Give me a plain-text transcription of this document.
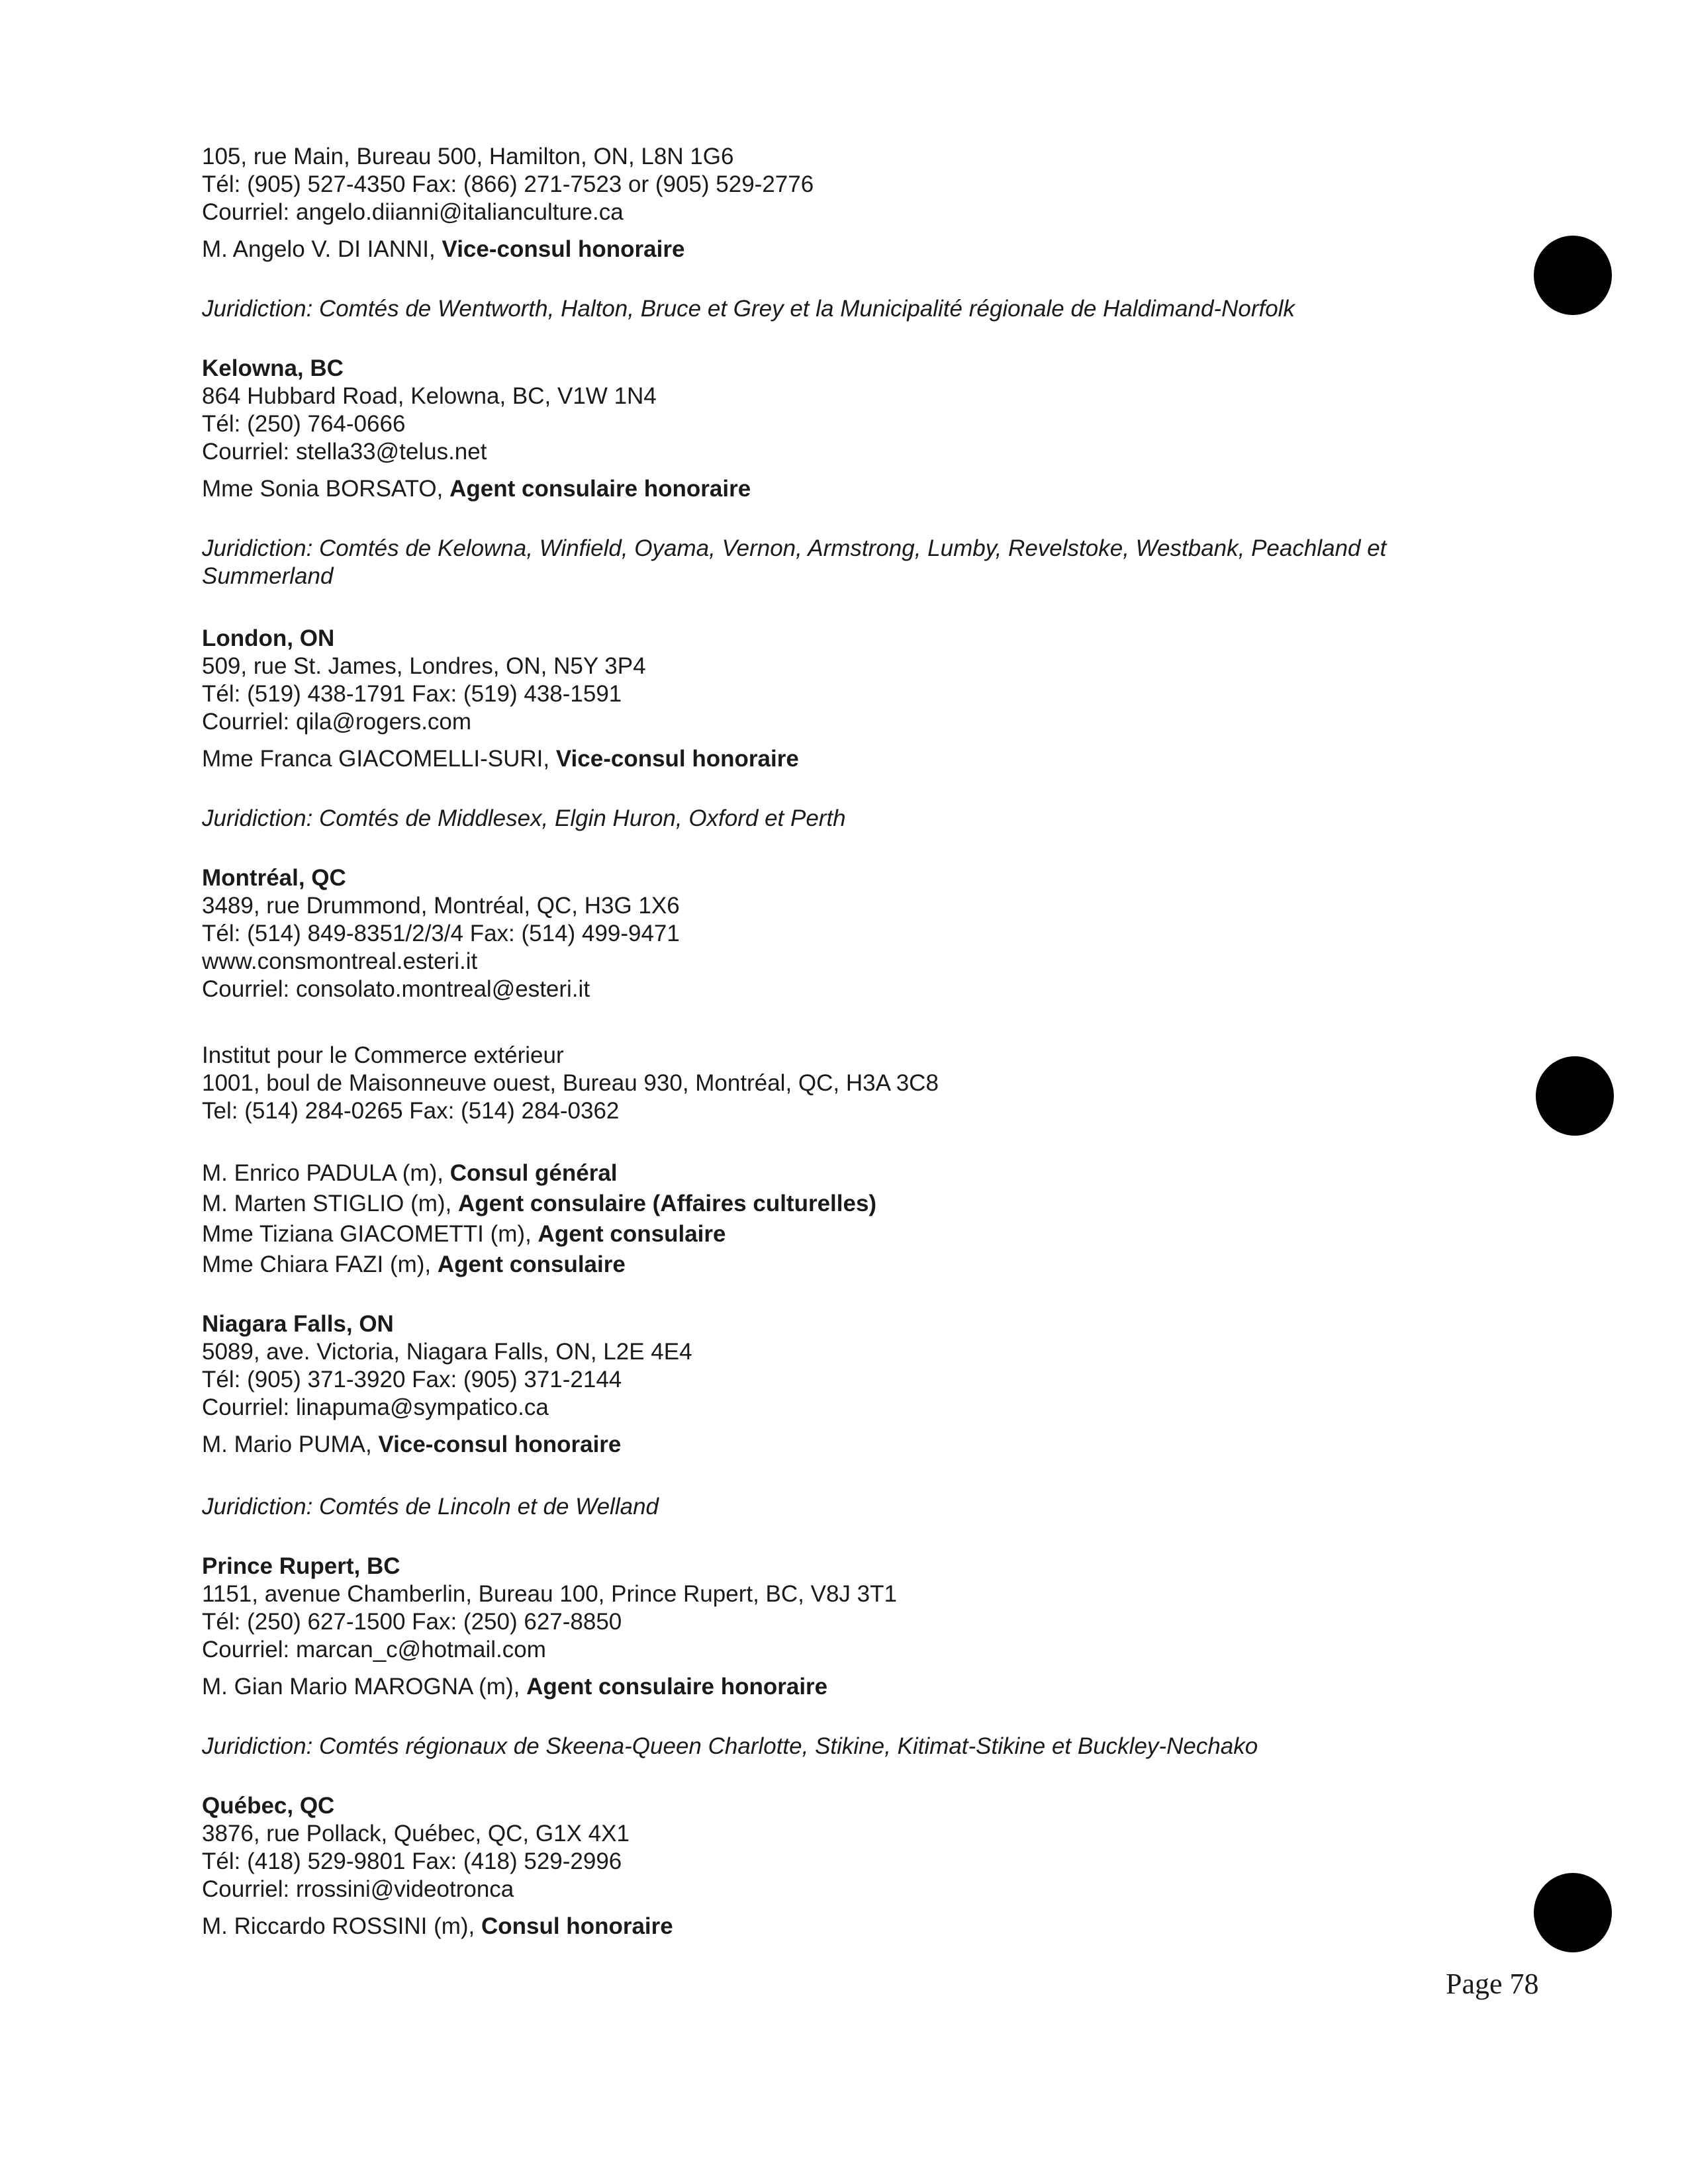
105, rue Main, Bureau 500, Hamilton, ON, L8N 1G6
Tél: (905) 527-4350 Fax: (866) 271-7523 or (905) 529-2776
Courriel: angelo.diianni@italianculture.ca
M. Angelo V. DI IANNI, Vice-consul honoraire
Juridiction: Comtés de Wentworth, Halton, Bruce et Grey et la Municipalité régionale de Haldimand-Norfolk
Kelowna, BC
864 Hubbard Road, Kelowna, BC, V1W 1N4
Tél: (250) 764-0666
Courriel: stella33@telus.net
Mme Sonia BORSATO, Agent consulaire honoraire
Juridiction: Comtés de Kelowna, Winfield, Oyama, Vernon, Armstrong, Lumby, Revelstoke, Westbank, Peachland et
Summerland
London, ON
509, rue St. James, Londres, ON, N5Y 3P4
Tél: (519) 438-1791 Fax: (519) 438-1591
Courriel: qila@rogers.com
Mme Franca GIACOMELLI-SURI, Vice-consul honoraire
Juridiction: Comtés de Middlesex, Elgin Huron, Oxford et Perth
Montréal, QC
3489, rue Drummond, Montréal, QC, H3G 1X6
Tél: (514) 849-8351/2/3/4 Fax: (514) 499-9471
www.consmontreal.esteri.it
Courriel: consolato.montreal@esteri.it
Institut pour le Commerce extérieur
1001, boul de Maisonneuve ouest, Bureau 930, Montréal, QC, H3A 3C8
Tel: (514) 284-0265 Fax: (514) 284-0362
M. Enrico PADULA (m), Consul général
M. Marten STIGLIO (m), Agent consulaire (Affaires culturelles)
Mme Tiziana GIACOMETTI (m), Agent consulaire
Mme Chiara FAZI (m), Agent consulaire
Niagara Falls, ON
5089, ave. Victoria, Niagara Falls, ON, L2E 4E4
Tél: (905) 371-3920 Fax: (905) 371-2144
Courriel: linapuma@sympatico.ca
M. Mario PUMA, Vice-consul honoraire
Juridiction: Comtés de Lincoln et de Welland
Prince Rupert, BC
1151, avenue Chamberlin, Bureau 100, Prince Rupert, BC, V8J 3T1
Tél: (250) 627-1500 Fax: (250) 627-8850
Courriel: marcan_c@hotmail.com
M. Gian Mario MAROGNA (m), Agent consulaire honoraire
Juridiction: Comtés régionaux de Skeena-Queen Charlotte, Stikine, Kitimat-Stikine et Buckley-Nechako
Québec, QC
3876, rue Pollack, Québec, QC, G1X 4X1
Tél: (418) 529-9801 Fax: (418) 529-2996
Courriel: rrossini@videotronca
M. Riccardo ROSSINI (m), Consul honoraire
Page 78
